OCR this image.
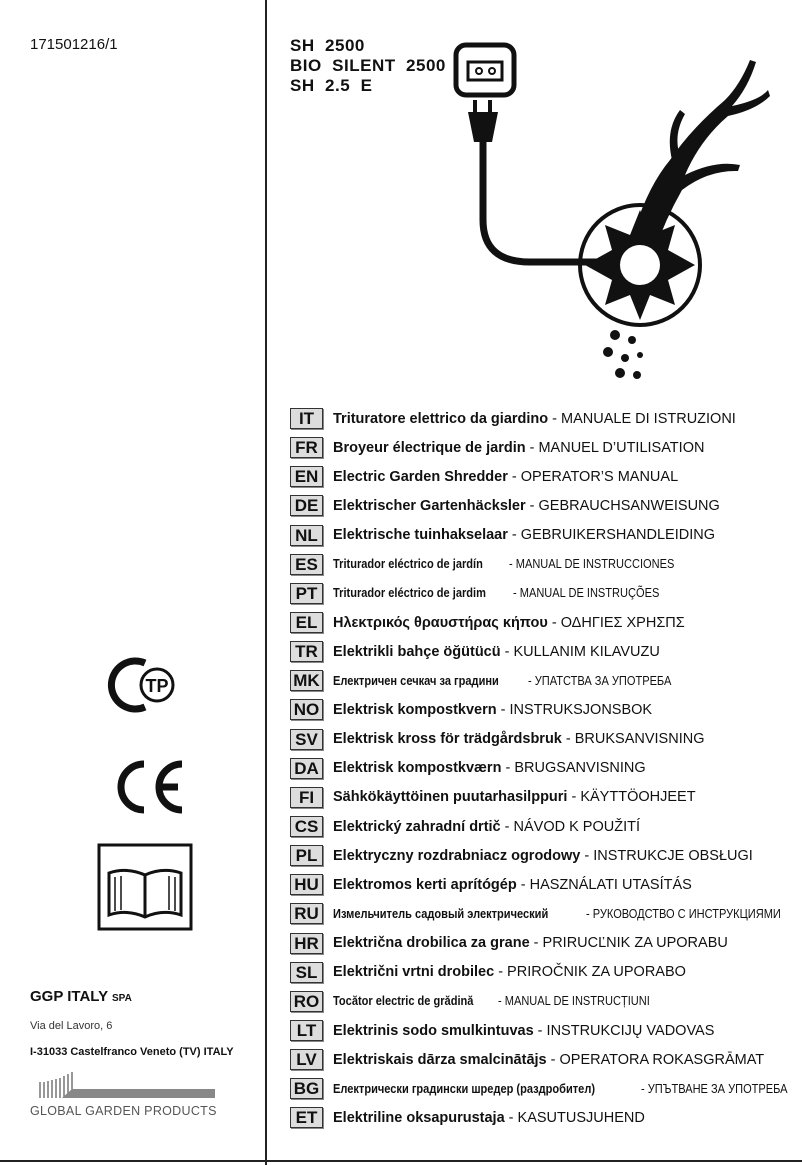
171501216/1	SH  2500
BIO  SILENT  2500
SH  2.5  E
IT	Trituratore elettrico da giardino - MANUALE DI ISTRUZIONI
FR	Broyeur électrique de jardin - MANUEL D’UTILISATION
EN	Electric Garden Shredder - OPERATOR’S MANUAL
DE	Elektrischer Gartenhäcksler - GEBRAUCHSANWEISUNG
NL	Elektrische tuinhakselaar - GEBRUIKERSHANDLEIDING
ES	Triturador eléctrico de jardín- MANUAL DE INSTRUCCIONES
PT	Triturador eléctrico de jardim- MANUAL DE INSTRUÇÕES
EL	Ηλεκτρικός θραυστήρας κήπου - ΟΔΗΓΙΕΣ ΧΡΗΣΠΣ
TR	Elektrikli bahçe öğütücü - KULLANIM KILAVUZU
MK Електричен сечкач за градини- УПАТСТВА ЗА УПОТРЕБА
NO Elektrisk kompostkvern - INSTRUKSJONSBOK
SV	Elektrisk kross för trädgårdsbruk - BRUKSANVISNING
DA Elektrisk kompostkværn - BRUGSANVISNING
FI	Sähkökäyttöinen puutarhasilppuri - KÄYTTÖOHJEET
CS	Elektrický zahradní drtič - NÁVOD K POUŽITÍ
PL	Elektryczny rozdrabniacz ogrodowy - INSTRUKCJE OBSŁUGI
HU Elektromos kerti aprítógép - HASZNÁLATI UTASÍTÁS
RU	Измельчитель садовый электрический	- РУКОВОДСТВО С ИНСТРУКЦИЯМИ
HR Električna drobilica za grane - PRIRUCĽNIK ZA UPORABU
SL	Električni vrtni drobilec - PRIROČNIK ZA UPORABO
RO Tocător electric de grădină- MANUAL DE INSTRUCȚIUNI
LT	Elektrinis sodo smulkintuvas - INSTRUKCIJŲ VADOVAS
LV	Elektriskais dārza smalcinātājs - OPERATORA ROKASGRĀMAT
BG Електрически градински шредер (раздробител)	- УПЪТВАНЕ ЗА УПОТРЕБА
ET	Elektriline oksapurustaja - KASUTUSJUHEND
TP
GGP ITALY SPA
Via del Lavoro, 6
I-31033 Castelfranco Veneto (TV) ITALY
GLOBAL GARDEN PRODUCTS
